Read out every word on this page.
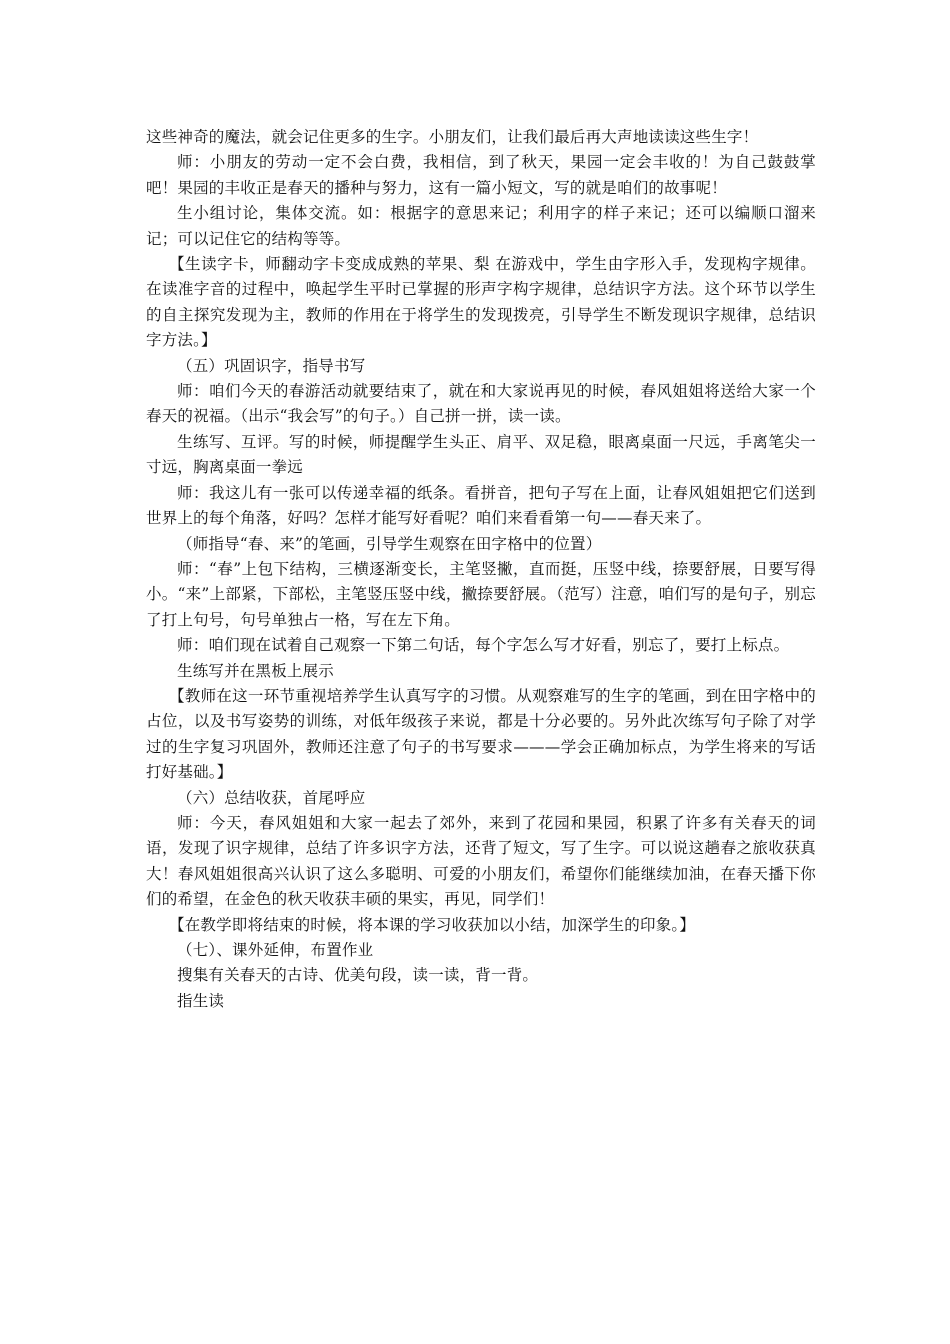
这些神奇的魔法，就会记住更多的生字。小朋友们，让我们最后再大声地读读这些生字！

师：小朋友的劳动一定不会白费，我相信，到了秋天，果园一定会丰收的！为自己鼓鼓掌吧！果园的丰收正是春天的播种与努力，这有一篇小短文，写的就是咱们的故事呢！

生小组讨论，集体交流。如：根据字的意思来记；利用字的样子来记；还可以编顺口溜来记；可以记住它的结构等等。

【生读字卡，师翻动字卡变成成熟的苹果、梨 在游戏中，学生由字形入手，发现构字规律。在读准字音的过程中，唤起学生平时已掌握的形声字构字规律，总结识字方法。这个环节以学生的自主探究发现为主，教师的作用在于将学生的发现拨亮，引导学生不断发现识字规律，总结识字方法。】

（五）巩固识字，指导书写

师：咱们今天的春游活动就要结束了，就在和大家说再见的时候，春风姐姐将送给大家一个春天的祝福。（出示“我会写”的句子。）自己拼一拼，读一读。

生练写、互评。写的时候，师提醒学生头正、肩平、双足稳，眼离桌面一尺远，手离笔尖一寸远，胸离桌面一拳远

师：我这儿有一张可以传递幸福的纸条。看拼音，把句子写在上面，让春风姐姐把它们送到世界上的每个角落，好吗？怎样才能写好看呢？咱们来看看第一句——春天来了。

（师指导“春、来”的笔画，引导学生观察在田字格中的位置）

师：“春”上包下结构，三横逐渐变长，主笔竖撇，直而挺，压竖中线，捺要舒展，日要写得小。“来”上部紧，下部松，主笔竖压竖中线，撇捺要舒展。（范写）注意，咱们写的是句子，别忘了打上句号，句号单独占一格，写在左下角。

师：咱们现在试着自己观察一下第二句话，每个字怎么写才好看，别忘了，要打上标点。

生练写并在黑板上展示

【教师在这一环节重视培养学生认真写字的习惯。从观察难写的生字的笔画，到在田字格中的占位，以及书写姿势的训练，对低年级孩子来说，都是十分必要的。另外此次练写句子除了对学过的生字复习巩固外，教师还注意了句子的书写要求———学会正确加标点，为学生将来的写话打好基础。】

（六）总结收获，首尾呼应

师：今天，春风姐姐和大家一起去了郊外，来到了花园和果园，积累了许多有关春天的词语，发现了识字规律，总结了许多识字方法，还背了短文，写了生字。可以说这趟春之旅收获真大！春风姐姐很高兴认识了这么多聪明、可爱的小朋友们，希望你们能继续加油，在春天播下你们的希望，在金色的秋天收获丰硕的果实，再见，同学们！

【在教学即将结束的时候，将本课的学习收获加以小结，加深学生的印象。】

（七）、课外延伸，布置作业

搜集有关春天的古诗、优美句段，读一读，背一背。

指生读
